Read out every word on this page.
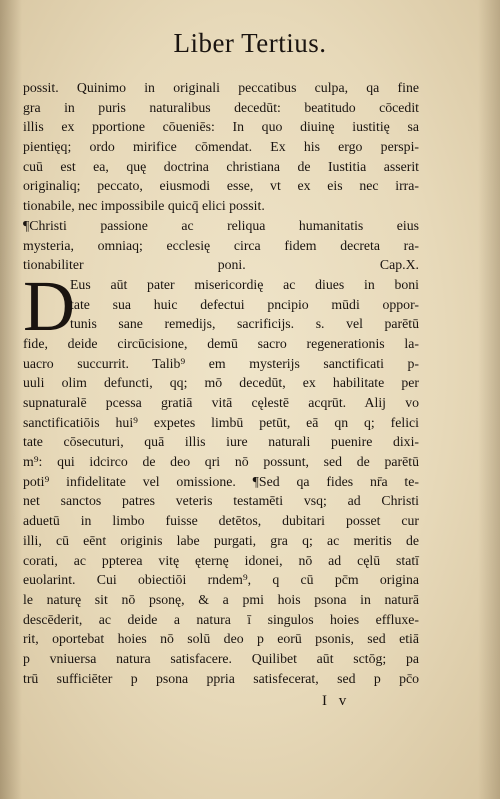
Liber Tertius.
D
possit. Quinimo in originali peccatibus culpa, qa fine
gra in puris naturalibus decedūt: beatitudo cōcedit
illis ex pportione cōueniēs: In quo diuinę iustitię sa
pientięq; ordo mirifice cōmendat. Ex his ergo perspi-
cuū est ea, quę doctrina christiana de Iustitia asserit
originaliq; peccato, eiusmodi esse, vt ex eis nec irra-
tionabile, nec impossibile quicq̄ elici possit.
¶Christi passione ac reliqua humanitatis eius
mysteria, omniaq; ecclesię circa fidem decreta ra-
tionabiliter poni. Cap.X.
Eus aūt pater misericordię ac diues in boni
tate sua huic defectui pncipio mūdi oppor-
tunis sane remedijs, sacrificijs. s. vel parētū
fide, deide circūcisione, demū sacro regenerationis la-
uacro succurrit. Talib⁹ em mysterijs sanctificati p-
uuli olim defuncti, qq; mō decedūt, ex habilitate per
supnaturalē pcessa gratiā vitā cęlestē acqrūt. Alij vo
sanctificatiōis hui⁹ expetes limbū petūt, eā qn q; felici
tate cōsecuturi, quā illis iure naturali puenire dixi-
m⁹: qui idcirco de deo qri nō possunt, sed de parētū
poti⁹ infidelitate vel omissione. ¶Sed qa fides nr̄a te-
net sanctos patres veteris testamēti vsq; ad Christi
aduetū in limbo fuisse detētos, dubitari posset cur
illi, cū eēnt originis labe purgati, gra q; ac meritis de
corati, ac ppterea vitę ęternę idonei, nō ad cęlū statī
euolarint. Cui obiectiōi rndem⁹, q cū pc̄m origina
le naturę sit nō psonę, & a pmi hois psona in naturā
descēderit, ac deide a natura ī singulos hoies effluxe-
rit, oportebat hoies nō solū deo p eorū psonis, sed etiā
p vniuersa natura satisfacere. Quilibet aūt sctōg; pa
trū sufficiēter p psona ppria satisfecerat, sed p pc̄o
I v
